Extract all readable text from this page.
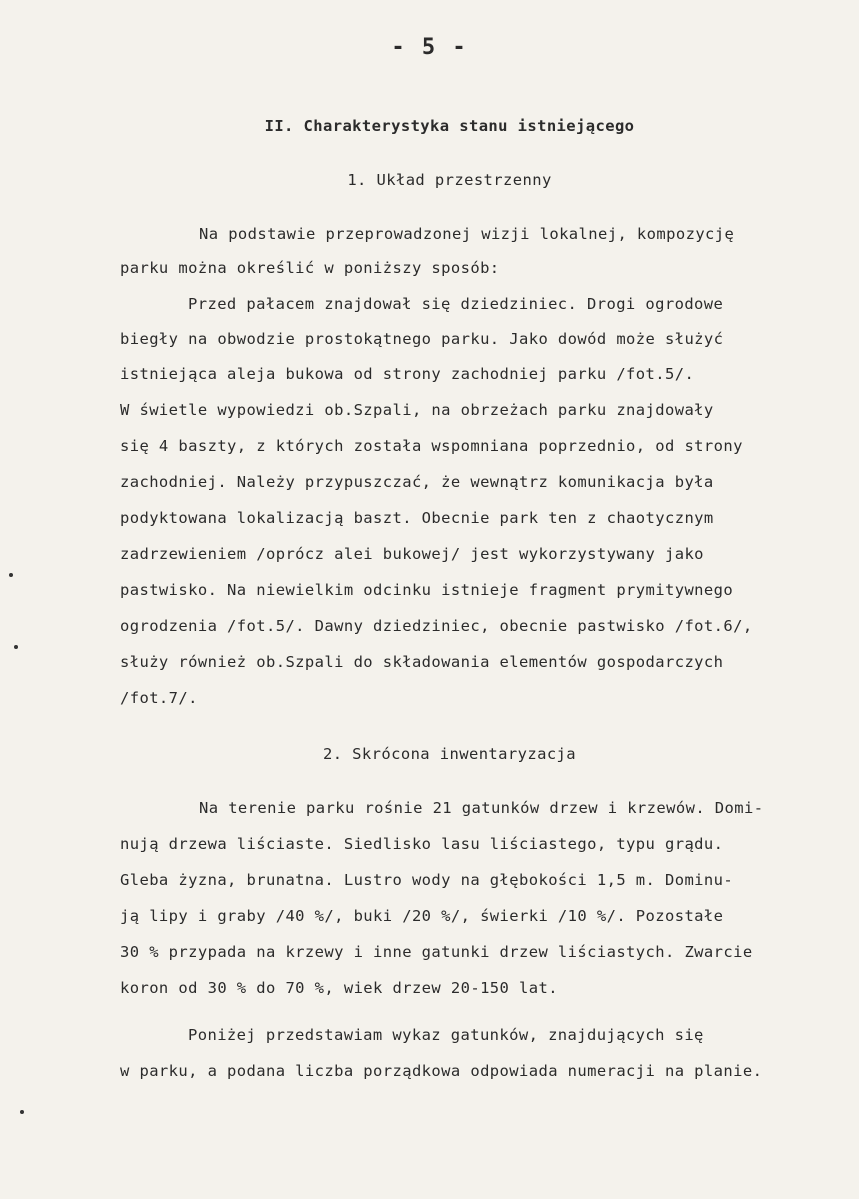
- 5 -
II. Charakterystyka stanu istniejącego
1. Układ przestrzenny
Na podstawie przeprowadzonej wizji lokalnej, kompozycję
parku można określić w poniższy sposób:
Przed pałacem znajdował się dziedziniec. Drogi ogrodowe
biegły na obwodzie prostokątnego parku. Jako dowód może służyć
istniejąca aleja bukowa od strony zachodniej parku /fot.5/.
W świetle wypowiedzi ob.Szpali, na obrzeżach parku znajdowały
się 4 baszty, z których została wspomniana poprzednio, od strony
zachodniej. Należy przypuszczać, że wewnątrz komunikacja była
podyktowana lokalizacją baszt. Obecnie park ten z chaotycznym
zadrzewieniem /oprócz alei bukowej/ jest wykorzystywany jako
pastwisko. Na niewielkim odcinku istnieje fragment prymitywnego
ogrodzenia /fot.5/. Dawny dziedziniec, obecnie pastwisko /fot.6/,
służy również ob.Szpali do składowania elementów gospodarczych
/fot.7/.
2. Skrócona inwentaryzacja
Na terenie parku rośnie 21 gatunków drzew i krzewów. Domi-
nują drzewa liściaste. Siedlisko lasu liściastego, typu grądu.
Gleba żyzna, brunatna. Lustro wody na głębokości 1,5 m. Dominu-
ją lipy i graby /40 %/, buki /20 %/, świerki /10 %/. Pozostałe
30 % przypada na krzewy i inne gatunki drzew liściastych. Zwarcie
koron od 30 % do 70 %, wiek drzew 20-150 lat.
Poniżej przedstawiam wykaz gatunków, znajdujących się
w parku, a podana liczba porządkowa odpowiada numeracji na planie.
